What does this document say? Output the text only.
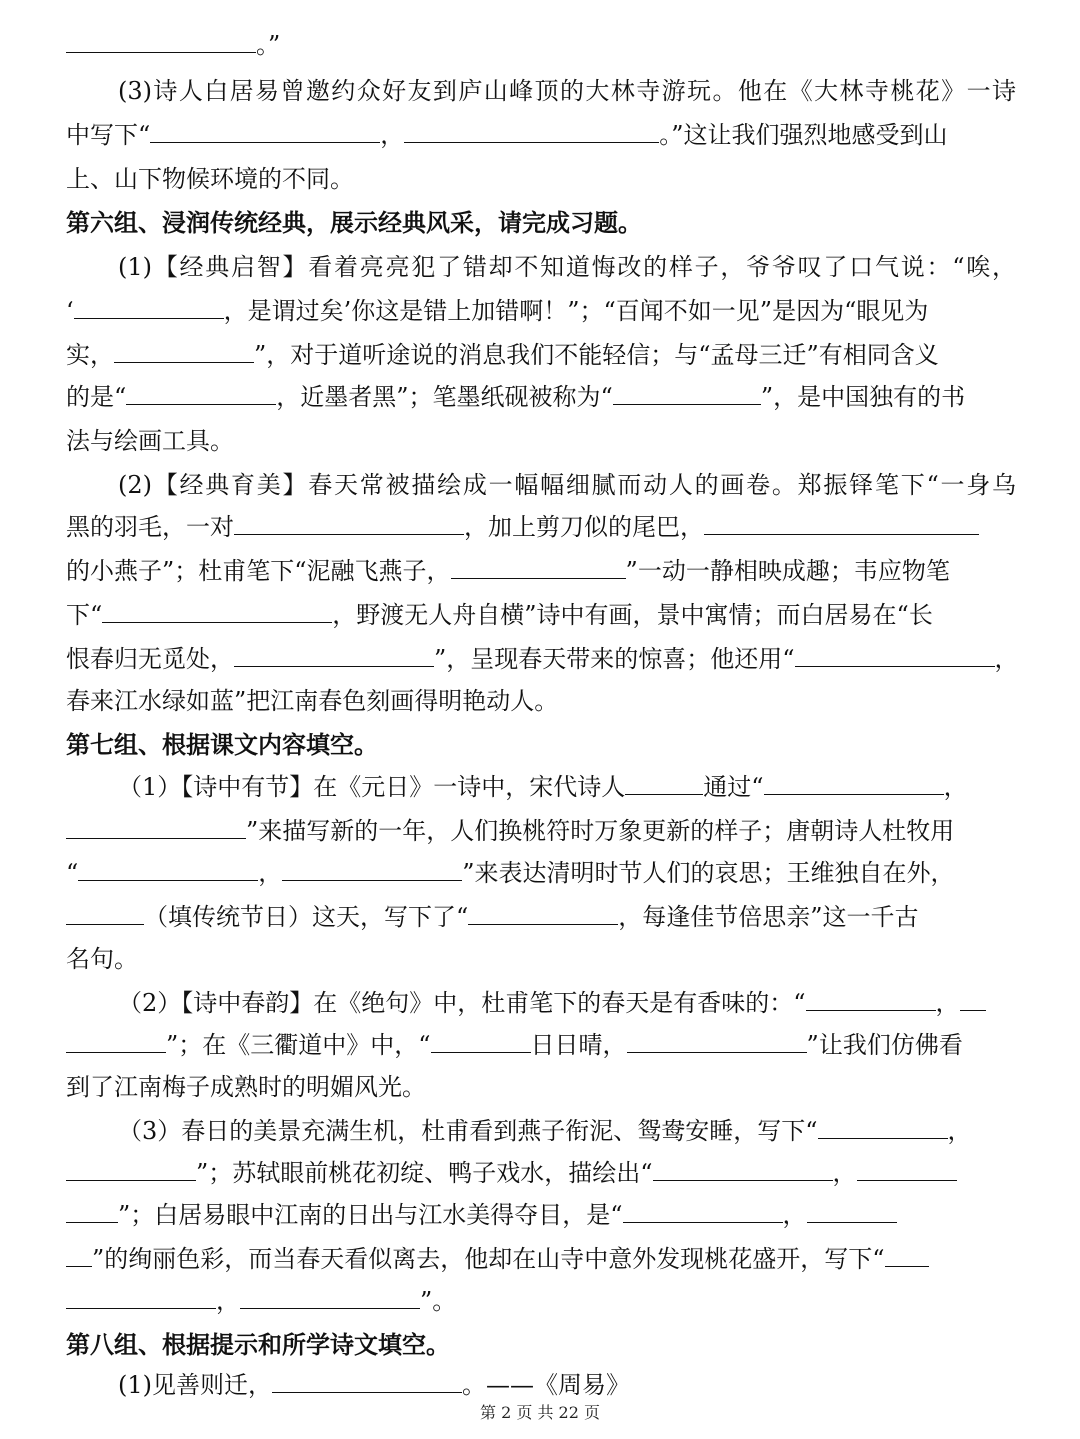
。”
(3)诗人白居易曾邀约众好友到庐山峰顶的大林寺游玩。他在《大林寺桃花》一诗
中写下“	，	。”这让我们强烈地感受到山
上、山下物候环境的不同。
第六组、浸润传统经典，展示经典风采，请完成习题。
(1)【经典启智】看着亮亮犯了错却不知道悔改的样子，爷爷叹了口气说：“唉，
‘	，是谓过矣’你这是错上加错啊！”；“百闻不如一见”是因为“眼见为
实，	”，对于道听途说的消息我们不能轻信；与“孟母三迁”有相同含义
的是“	，近墨者黑”；笔墨纸砚被称为“	”，是中国独有的书
法与绘画工具。
(2)【经典育美】春天常被描绘成一幅幅细腻而动人的画卷。郑振铎笔下“一身乌
黑的羽毛，一对	，加上剪刀似的尾巴，
的小燕子”；杜甫笔下“泥融飞燕子，	”一动一静相映成趣；韦应物笔
下“	，野渡无人舟自横”诗中有画，景中寓情；而白居易在“长
恨春归无觅处，	”，呈现春天带来的惊喜；他还用“	，
春来江水绿如蓝”把江南春色刻画得明艳动人。
第七组、根据课文内容填空。
（1）【诗中有节】在《元日》一诗中，宋代诗人	通过“	，
”来描写新的一年，人们换桃符时万象更新的样子；唐朝诗人杜牧用
“	，	”来表达清明时节人们的哀思；王维独自在外，
（填传统节日）这天，写下了“	，每逢佳节倍思亲”这一千古
名句。
（2）【诗中春韵】在《绝句》中，杜甫笔下的春天是有香味的：“	，
”；在《三衢道中》中，“	日日晴，	”让我们仿佛看
到了江南梅子成熟时的明媚风光。
（3）春日的美景充满生机，杜甫看到燕子衔泥、鸳鸯安睡，写下“	，
”；苏轼眼前桃花初绽、鸭子戏水，描绘出“	，
”；白居易眼中江南的日出与江水美得夺目，是“	，
”的绚丽色彩，而当春天看似离去，他却在山寺中意外发现桃花盛开，写下“
，	”。
第八组、根据提示和所学诗文填空。
(1)见善则迁，	。——《周易》
第 2 页 共 22 页
